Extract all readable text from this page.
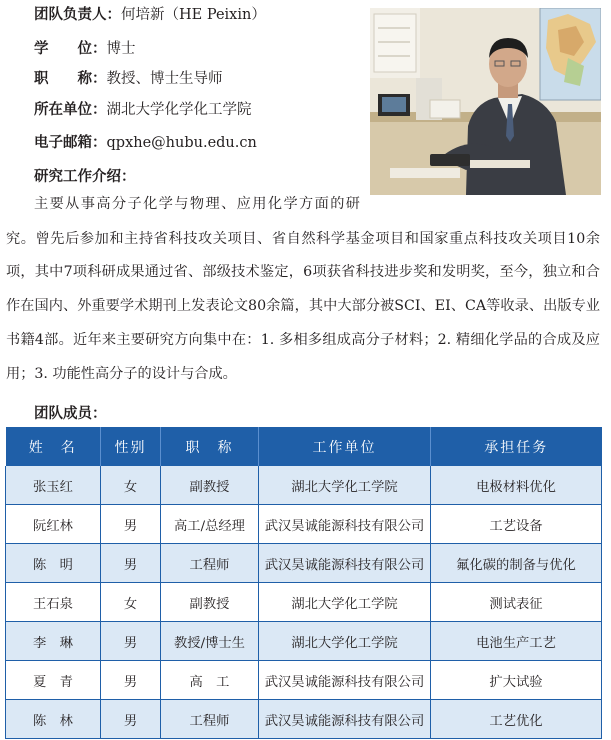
团队负责人：何培新（HE Peixin）
学　　位：博士
职　　称：教授、博士生导师
所在单位：湖北大学化学化工学院
电子邮箱：qpxhe@hubu.edu.cn
研究工作介绍：
主要从事高分子化学与物理、应用化学方面的研
究。曾先后参加和主持省科技攻关项目、省自然科学基金项目和国家重点科技攻关项目10余
项，其中7项科研成果通过省、部级技术鉴定，6项获省科技进步奖和发明奖，至今，独立和合
作在国内、外重要学术期刊上发表论文80余篇，其中大部分被SCI、EI、CA等收录、出版专业
书籍4部。近年来主要研究方向集中在：1. 多相多组成高分子材料；2. 精细化学品的合成及应
用；3. 功能性高分子的设计与合成。
团队成员：
姓　名	性别	职　称	工作单位	承担任务
张玉红	女	副教授	湖北大学化工学院	电极材料优化
阮红林	男	高工/总经理	武汉昊诚能源科技有限公司	工艺设备
陈　明	男	工程师	武汉昊诚能源科技有限公司	氟化碳的制备与优化
王石泉	女	副教授	湖北大学化工学院	测试表征
李　琳	男	教授/博士生	湖北大学化工学院	电池生产工艺
夏　青	男	高　工	武汉昊诚能源科技有限公司	扩大试验
陈　林	男	工程师	武汉昊诚能源科技有限公司	工艺优化
